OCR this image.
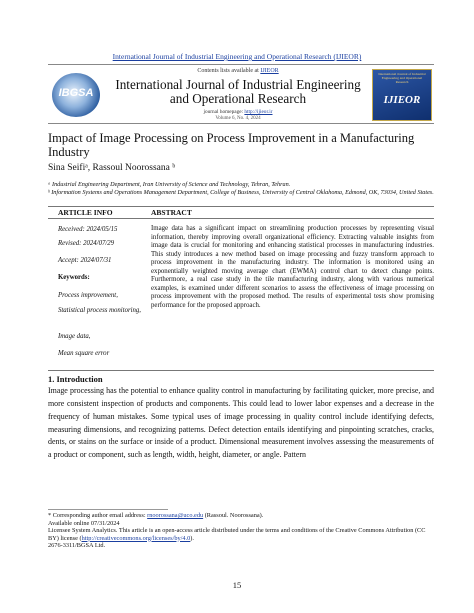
International Journal of Industrial Engineering and Operational Research (IJIEOR)
IBGSA
International Journal of Industrial Engineering and Operational Research
IJIEOR
Contents lists available at IJIEOR
International Journal of Industrial Engineering and Operational Research
journal homepage: http://ijieor.ir
Volume 6, No. 4, 2024
Impact of Image Processing on Process Improvement in a Manufacturing Industry
Sina Seifiᵃ, Rassoul Noorossana ᵇ
ᵃ Industrial Engineering Department, Iran University of Science and Technology, Tehran, Tehran.
ᵇ Information Systems and Operations Management Department, College of Business, University of Central Oklahoma, Edmond, OK, 73034, United States.
ARTICLE INFO	ABSTRACT
Received: 2024/05/15
Revised: 2024/07/29
Accept: 2024/07/31
Keywords:
Process improvement,
Statistical process monitoring,
Image data,
Mean square error
Image data has a significant impact on streamlining production processes by representing visual information, thereby improving overall organizational efficiency. Extracting valuable insights from image data is crucial for monitoring and enhancing statistical processes in manufacturing industries. This study introduces a new method based on image processing and fuzzy transform approach to process improvement in the manufacturing industry. The information is monitored using an exponentially weighted moving average chart (EWMA) control chart to detect change points. Furthermore, a real case study in the tile manufacturing industry, along with various numerical examples, is examined under different scenarios to assess the effectiveness of image processing on process improvement with the proposed method. The results of experimental tests show promising performance for the proposed approach.
1. Introduction
Image processing has the potential to enhance quality control in manufacturing by facilitating quicker, more precise, and more consistent inspection of products and components. This could lead to lower labor expenses and a decrease in the frequency of human mistakes. Some typical uses of image processing in quality control include identifying defects, measuring dimensions, and recognizing patterns. Defect detection entails identifying and pinpointing scratches, cracks, dents, or stains on the surface or inside of a product. Dimensional measurement involves assessing the measurements of a product or component, such as length, width, height, diameter, or angle. Pattern
* Corresponding author email address: rnoorossana@uco.edu (Rassoul. Noorossana).
Available online 07/31/2024
Licensee System Analytics. This article is an open-access article distributed under the terms and conditions of the Creative Commons Attribution (CC BY) license (http://creativecommons.org/licenses/by/4.0).
2676-3311/BGSA Ltd.
15
